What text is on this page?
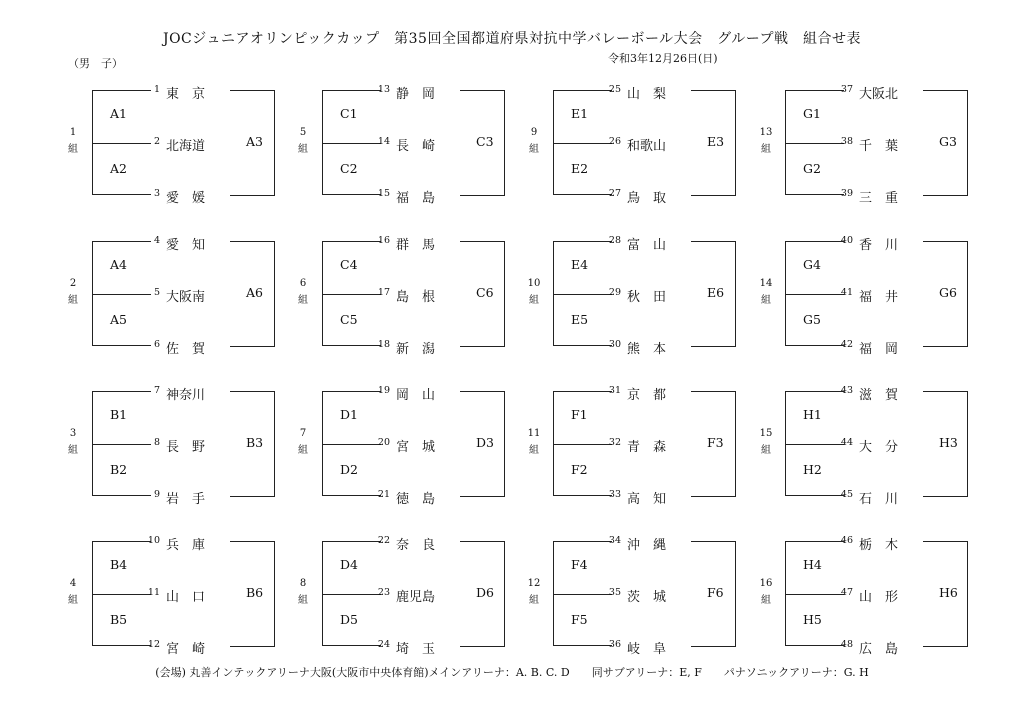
JOCジュニアオリンピックカップ　第35回全国都道府県対抗中学バレーボール大会　グループ戦　組合せ表
（男　子）	令和3年12月26日(日)
1 東　京
2 北海道
3 愛　媛
A1
A2
A3
1
組
13 静　岡
14 長　崎
15 福　島
C1
C2
C3
5
組
25 山　梨
26 和歌山
27 鳥　取
E1
E2
E3
9
組
37 大阪北
38 千　葉
39 三　重
G1
G2
G3
13
組
4 愛　知
5 大阪南
6 佐　賀
A4
A5
A6
2
組
16 群　馬
17 島　根
18 新　潟
C4
C5
C6
6
組
28 富　山
29 秋　田
30 熊　本
E4
E5
E6
10
組
40 香　川
41 福　井
42 福　岡
G4
G5
G6
14
組
7 神奈川
8 長　野
9 岩　手
B1
B2
B3
3
組
19 岡　山
20 宮　城
21 徳　島
D1
D2
D3
7
組
31 京　都
32 青　森
33 高　知
F1
F2
F3
11
組
43 滋　賀
44 大　分
45 石　川
H1
H2
H3
15
組
10 兵　庫
11 山　口
12 宮　崎
B4
B5
B6
4
組
22 奈　良
23 鹿児島
24 埼　玉
D4
D5
D6
8
組
34 沖　縄
35 茨　城
36 岐　阜
F4
F5
F6
12
組
46 栃　木
47 山　形
48 広　島
H4
H5
H6
16
組
(会場) 丸善インテックアリーナ大阪(大阪市中央体育館)メインアリーナ：A. B. C. D　　同サブアリーナ：E, F　　パナソニックアリーナ：G. H
